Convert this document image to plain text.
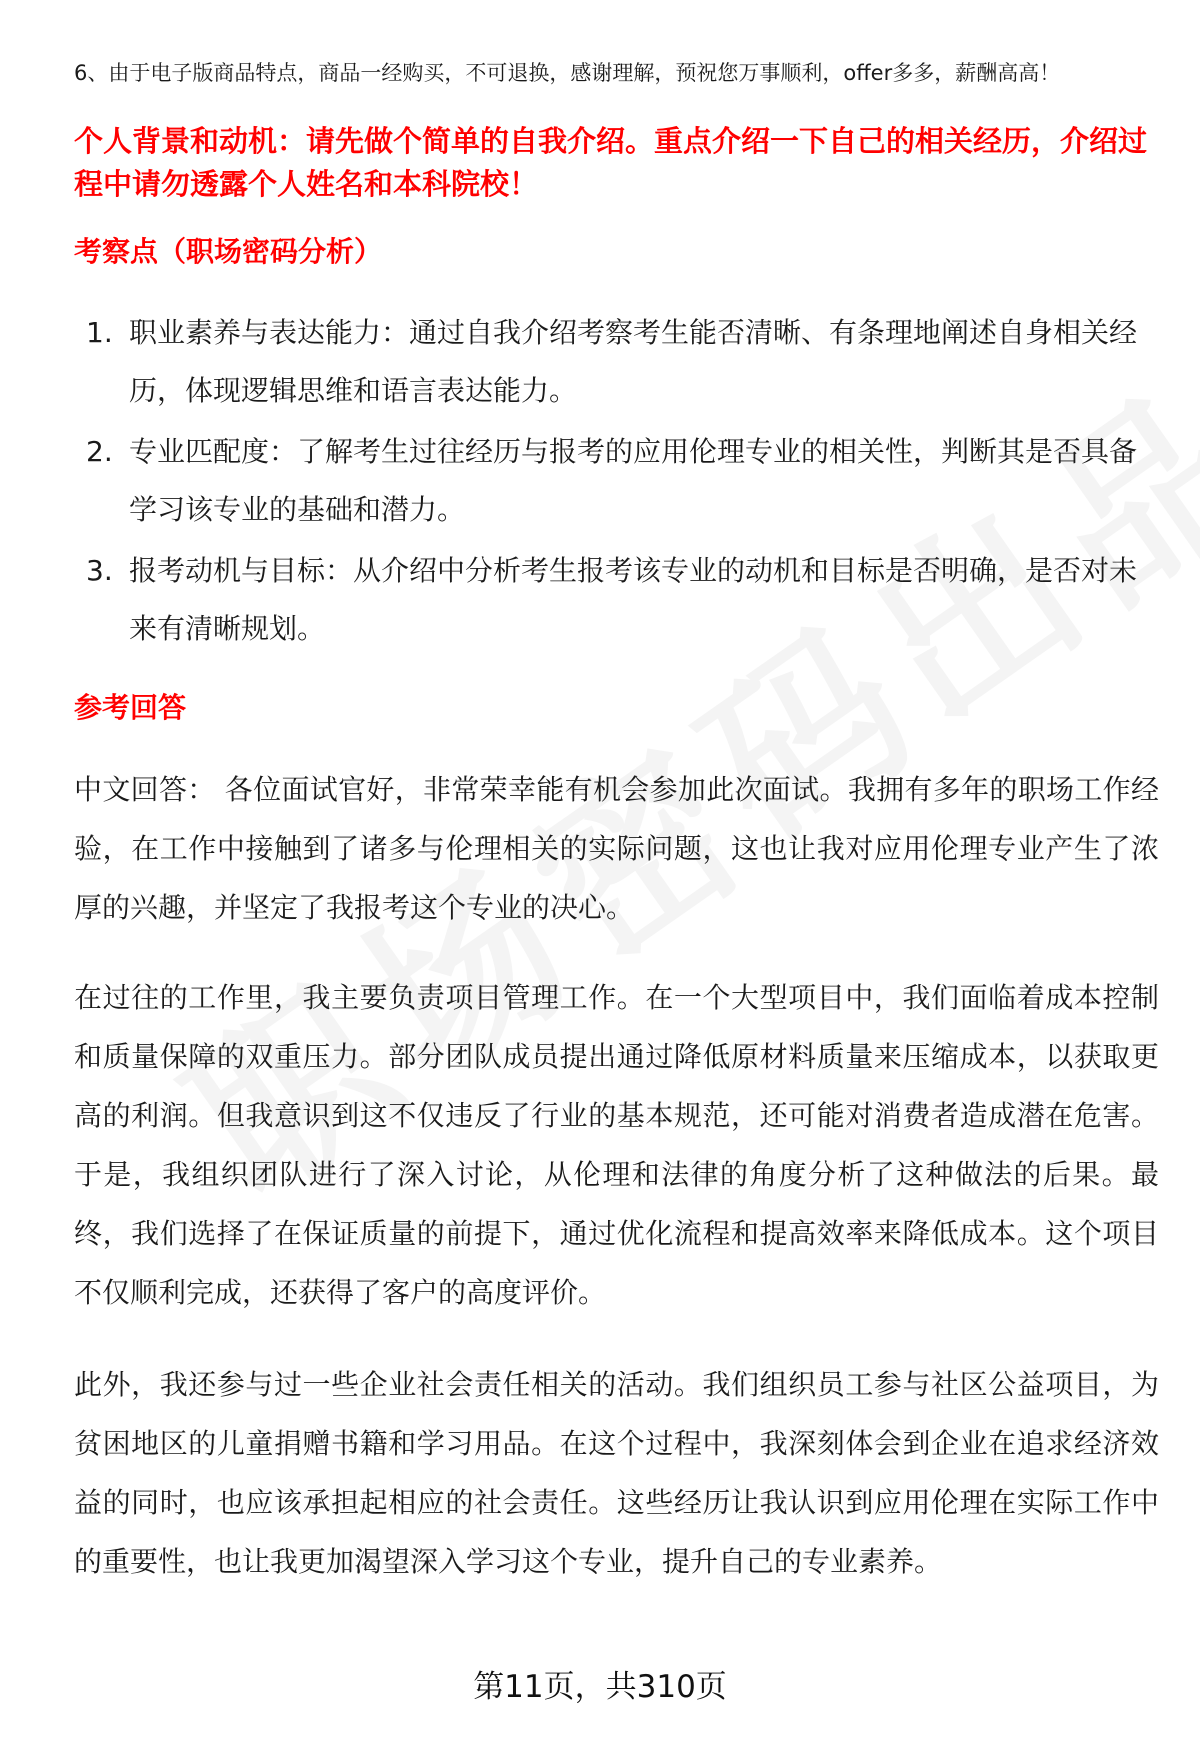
6、由于电子版商品特点，商品一经购买，不可退换，感谢理解，预祝您万事顺利，offer多多，薪酬高高！
个人背景和动机：请先做个简单的自我介绍。重点介绍一下自己的相关经历，介绍过程中请勿透露个人姓名和本科院校！
考察点（职场密码分析）
1. 职业素养与表达能力：通过自我介绍考察考生能否清晰、有条理地阐述自身相关经历，体现逻辑思维和语言表达能力。
2. 专业匹配度：了解考生过往经历与报考的应用伦理专业的相关性，判断其是否具备学习该专业的基础和潜力。
3. 报考动机与目标：从介绍中分析考生报考该专业的动机和目标是否明确，是否对未来有清晰规划。
参考回答

中文回答： 各位面试官好，非常荣幸能有机会参加此次面试。我拥有多年的职场工作经验，在工作中接触到了诸多与伦理相关的实际问题，这也让我对应用伦理专业产生了浓厚的兴趣，并坚定了我报考这个专业的决心。

在过往的工作里，我主要负责项目管理工作。在一个大型项目中，我们面临着成本控制和质量保障的双重压力。部分团队成员提出通过降低原材料质量来压缩成本，以获取更高的利润。但我意识到这不仅违反了行业的基本规范，还可能对消费者造成潜在危害。于是，我组织团队进行了深入讨论，从伦理和法律的角度分析了这种做法的后果。最终，我们选择了在保证质量的前提下，通过优化流程和提高效率来降低成本。这个项目不仅顺利完成，还获得了客户的高度评价。

此外，我还参与过一些企业社会责任相关的活动。我们组织员工参与社区公益项目，为贫困地区的儿童捐赠书籍和学习用品。在这个过程中，我深刻体会到企业在追求经济效益的同时，也应该承担起相应的社会责任。这些经历让我认识到应用伦理在实际工作中的重要性，也让我更加渴望深入学习这个专业，提升自己的专业素养。

第11页，共310页
